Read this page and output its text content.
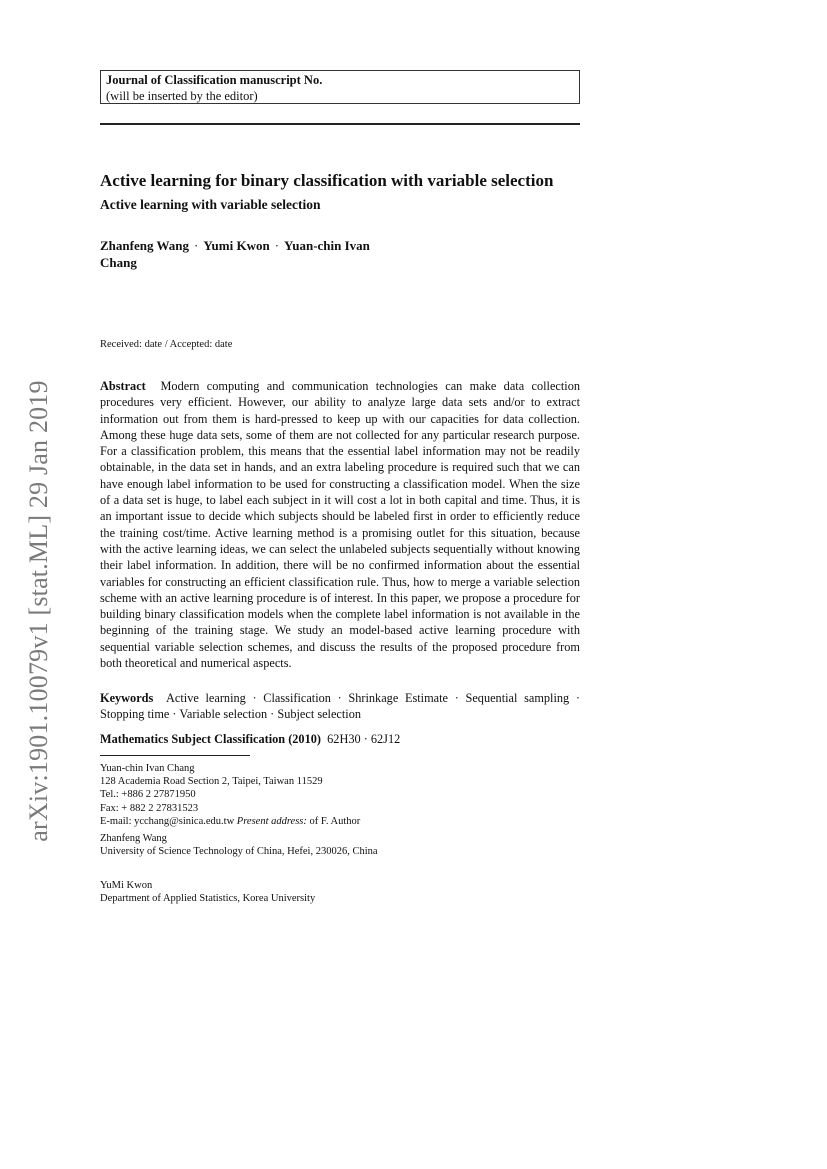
arXiv:1901.10079v1 [stat.ML] 29 Jan 2019
Journal of Classification manuscript No.
(will be inserted by the editor)
Active learning for binary classification with variable selection
Active learning with variable selection
Zhanfeng Wang · Yumi Kwon · Yuan-chin Ivan Chang
Received: date / Accepted: date

Abstract Modern computing and communication technologies can make data collection procedures very efficient. However, our ability to analyze large data sets and/or to extract information out from them is hard-pressed to keep up with our capacities for data collection. Among these huge data sets, some of them are not collected for any particular research purpose. For a classification problem, this means that the essential label information may not be readily obtainable, in the data set in hands, and an extra labeling procedure is required such that we can have enough label information to be used for constructing a classification model. When the size of a data set is huge, to label each subject in it will cost a lot in both capital and time. Thus, it is an important issue to decide which subjects should be labeled first in order to efficiently reduce the training cost/time. Active learning method is a promising outlet for this situation, because with the active learning ideas, we can select the unlabeled subjects sequentially without knowing their label information. In addition, there will be no confirmed information about the essential variables for constructing an efficient classification rule. Thus, how to merge a variable selection scheme with an active learning procedure is of interest. In this paper, we propose a procedure for building binary classification models when the complete label information is not available in the beginning of the training stage. We study an model-based active learning procedure with sequential variable selection schemes, and discuss the results of the proposed procedure from both theoretical and numerical aspects.

Keywords Active learning · Classification · Shrinkage Estimate · Sequential sampling · Stopping time · Variable selection · Subject selection

Mathematics Subject Classification (2010) 62H30 · 62J12

Yuan-chin Ivan Chang
128 Academia Road Section 2, Taipei, Taiwan 11529
Tel.: +886 2 27871950
Fax: + 882 2 27831523
E-mail: ycchang@sinica.edu.tw Present address: of F. Author
Zhanfeng Wang
University of Science Technology of China, Hefei, 230026, China
YuMi Kwon
Department of Applied Statistics, Korea University
